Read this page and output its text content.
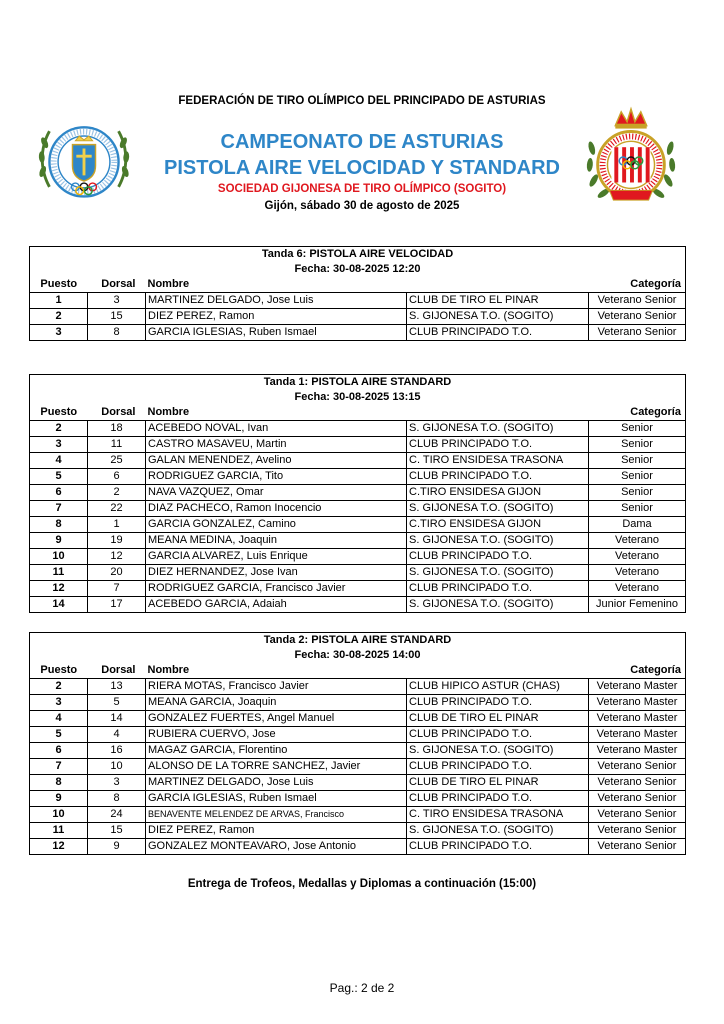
FEDERACIÓN DE TIRO OLÍMPICO DEL PRINCIPADO DE ASTURIAS
CAMPEONATO DE ASTURIAS
PISTOLA AIRE VELOCIDAD Y STANDARD
SOCIEDAD GIJONESA DE TIRO OLÍMPICO (SOGITO)
Gijón, sábado 30 de agosto de 2025
Tanda 6: PISTOLA AIRE VELOCIDAD				
Fecha: 30-08-2025 12:20				
Puesto	Dorsal	Nombre		Categoría
1	3	MARTINEZ DELGADO, Jose Luis	CLUB DE TIRO EL PINAR	Veterano Senior
2	15	DIEZ PEREZ, Ramon	S. GIJONESA T.O. (SOGITO)	Veterano Senior
3	8	GARCIA IGLESIAS, Ruben Ismael	CLUB PRINCIPADO T.O.	Veterano Senior
Tanda 1: PISTOLA AIRE STANDARD				
Fecha: 30-08-2025 13:15				
Puesto	Dorsal	Nombre		Categoría
2	18	ACEBEDO NOVAL, Ivan	S. GIJONESA T.O. (SOGITO)	Senior
3	11	CASTRO MASAVEU, Martin	CLUB PRINCIPADO T.O.	Senior
4	25	GALAN MENENDEZ, Avelino	C. TIRO ENSIDESA TRASONA	Senior
5	6	RODRIGUEZ GARCIA, Tito	CLUB PRINCIPADO T.O.	Senior
6	2	NAVA VAZQUEZ, Omar	C.TIRO ENSIDESA GIJON	Senior
7	22	DIAZ PACHECO, Ramon Inocencio	S. GIJONESA T.O. (SOGITO)	Senior
8	1	GARCIA GONZALEZ, Camino	C.TIRO ENSIDESA GIJON	Dama
9	19	MEANA MEDINA, Joaquin	S. GIJONESA T.O. (SOGITO)	Veterano
10	12	GARCIA ALVAREZ, Luis Enrique	CLUB PRINCIPADO T.O.	Veterano
11	20	DIEZ HERNANDEZ, Jose Ivan	S. GIJONESA T.O. (SOGITO)	Veterano
12	7	RODRIGUEZ GARCIA, Francisco Javier	CLUB PRINCIPADO T.O.	Veterano
14	17	ACEBEDO GARCIA, Adaiah	S. GIJONESA T.O. (SOGITO)	Junior Femenino
Tanda 2: PISTOLA AIRE STANDARD				
Fecha: 30-08-2025 14:00				
Puesto	Dorsal	Nombre		Categoría
2	13	RIERA MOTAS, Francisco Javier	CLUB HIPICO ASTUR (CHAS)	Veterano Master
3	5	MEANA GARCIA, Joaquin	CLUB PRINCIPADO T.O.	Veterano Master
4	14	GONZALEZ FUERTES, Angel Manuel	CLUB DE TIRO EL PINAR	Veterano Master
5	4	RUBIERA CUERVO, Jose	CLUB PRINCIPADO T.O.	Veterano Master
6	16	MAGAZ GARCIA, Florentino	S. GIJONESA T.O. (SOGITO)	Veterano Master
7	10	ALONSO DE LA TORRE SANCHEZ, Javier	CLUB PRINCIPADO T.O.	Veterano Senior
8	3	MARTINEZ DELGADO, Jose Luis	CLUB DE TIRO EL PINAR	Veterano Senior
9	8	GARCIA IGLESIAS, Ruben Ismael	CLUB PRINCIPADO T.O.	Veterano Senior
10	24	BENAVENTE MELENDEZ DE ARVAS, Francisco	C. TIRO ENSIDESA TRASONA	Veterano Senior
11	15	DIEZ PEREZ, Ramon	S. GIJONESA T.O. (SOGITO)	Veterano Senior
12	9	GONZALEZ MONTEAVARO, Jose Antonio	CLUB PRINCIPADO T.O.	Veterano Senior
Entrega de Trofeos, Medallas y Diplomas a continuación (15:00)
Pag.: 2 de 2
